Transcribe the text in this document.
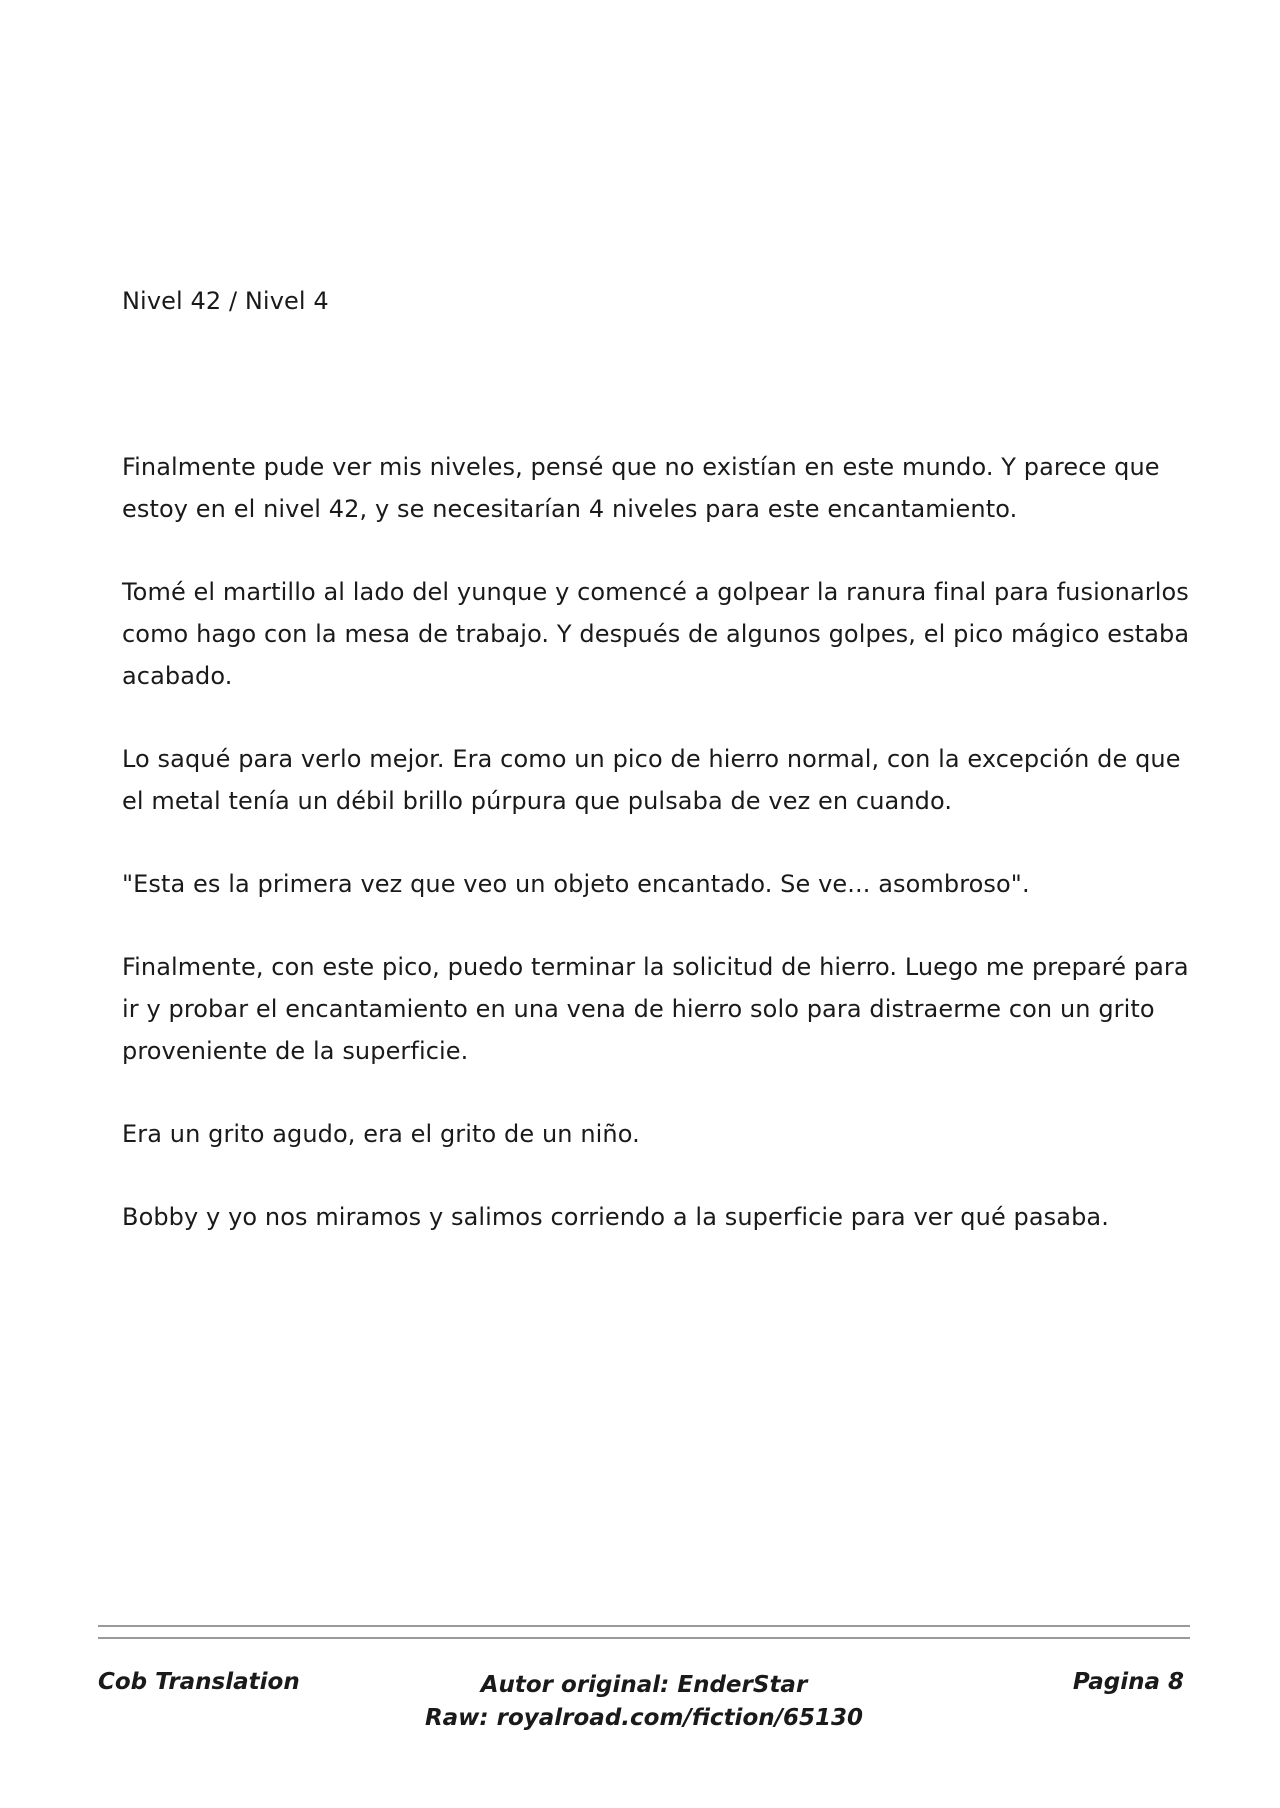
Nivel 42 / Nivel 4

Finalmente pude ver mis niveles, pensé que no existían en este mundo. Y parece que estoy en el nivel 42, y se necesitarían 4 niveles para este encantamiento.

Tomé el martillo al lado del yunque y comencé a golpear la ranura final para fusionarlos como hago con la mesa de trabajo. Y después de algunos golpes, el pico mágico estaba acabado.

Lo saqué para verlo mejor. Era como un pico de hierro normal, con la excepción de que el metal tenía un débil brillo púrpura que pulsaba de vez en cuando.

"Esta es la primera vez que veo un objeto encantado. Se ve... asombroso".

Finalmente, con este pico, puedo terminar la solicitud de hierro. Luego me preparé para ir y probar el encantamiento en una vena de hierro solo para distraerme con un grito proveniente de la superficie.

Era un grito agudo, era el grito de un niño.

Bobby y yo nos miramos y salimos corriendo a la superficie para ver qué pasaba.

Autor original: EnderStar
Raw: royalroad.com/fiction/65130
Cob Translation	Pagina 8
